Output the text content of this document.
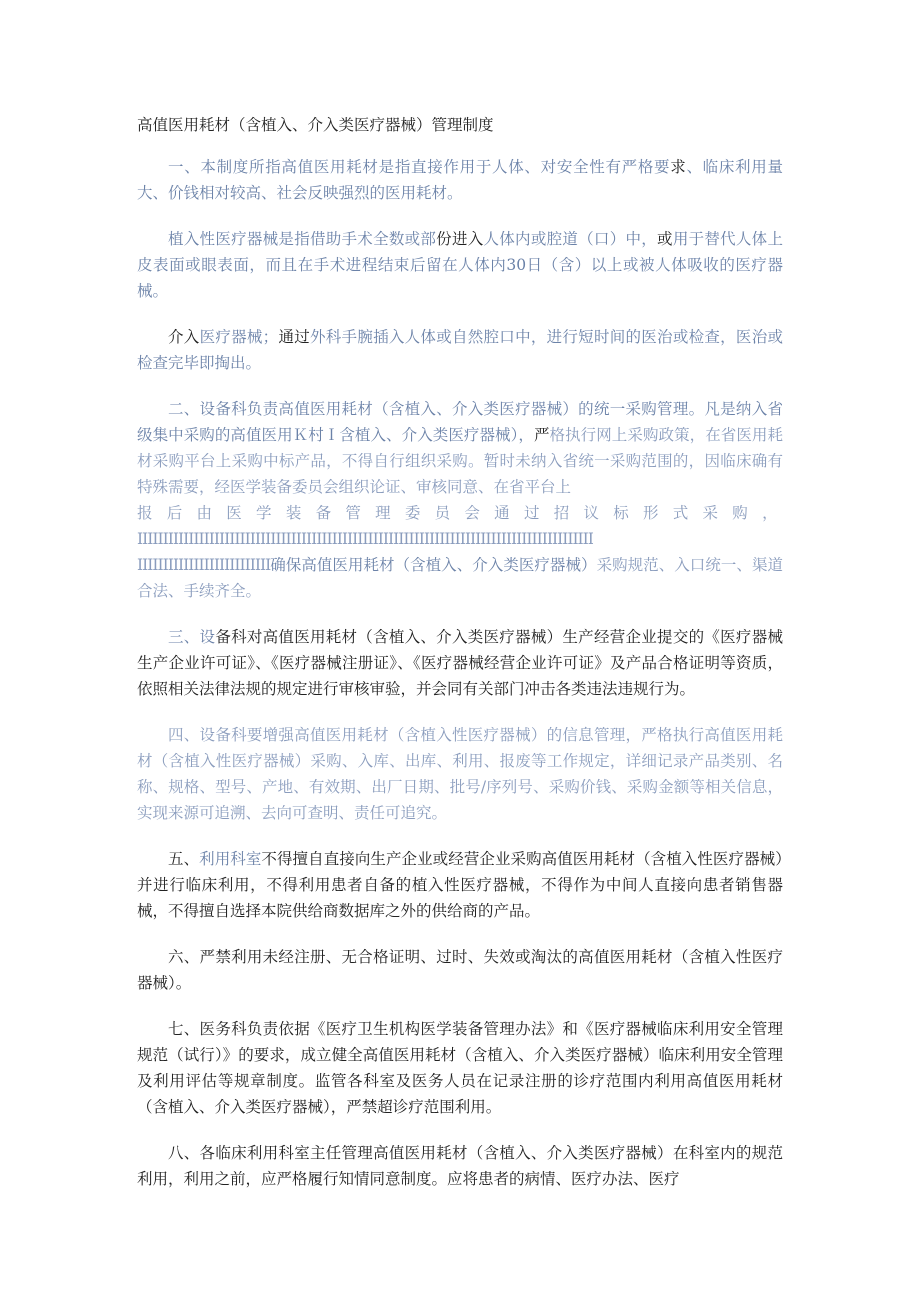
高值医用耗材（含植入、介入类医疗器械）管理制度
一、本制度所指高值医用耗材是指直接作用于人体、对安全性有严格要求、临床利用量大、价钱相对较高、社会反映强烈的医用耗材。
植入性医疗器械是指借助手术全数或部份进入人体内或腔道（口）中，或用于替代人体上皮表面或眼表面，而且在手术进程结束后留在人体内30日（含）以上或被人体吸收的医疗器械。
介入医疗器械；通过外科手腕插入人体或自然腔口中，进行短时间的医治或检查，医治或检查完毕即掏出。
二、设备科负责高值医用耗材（含植入、介入类医疗器械）的统一采购管理。凡是纳入省级集中采购的高值医用Ｋ村Ｉ含植入、介入类医疗器械），严格执行网上采购政策，在省医用耗材采购平台上采购中标产品，不得自行组织采购。暂时未纳入省统一采购范围的，因临床确有特殊需要，经医学装备委员会组织论证、审核同意、在省平台上
报后由医学装备管理委员会通过招议标形式采购，
IIIIIIIIIIIIIIIIIIIIIIIIIIIIIIIIIIIIIIIIIIIIIIIIIIIIIIIIIIIIIIIIIIIIIIIIIIIIIIIIIIIIIIIII
IIIIIIIIIIIIIIIIIIIIIIIIII确保高值医用耗材（含植入、介入类医疗器械）采购规范、入口统一、渠道合法、手续齐全。
三、设备科对高值医用耗材（含植入、介入类医疗器械）生产经营企业提交的《医疗器械生产企业许可证》、《医疗器械注册证》、《医疗器械经营企业许可证》及产品合格证明等资质，依照相关法律法规的规定进行审核审验，并会同有关部门冲击各类违法违规行为。
四、设备科要增强高值医用耗材（含植入性医疗器械）的信息管理，严格执行高值医用耗材（含植入性医疗器械）采购、入库、出库、利用、报废等工作规定，详细记录产品类别、名称、规格、型号、产地、有效期、出厂日期、批号/序列号、采购价钱、采购金额等相关信息，实现来源可追溯、去向可查明、责任可追究。
五、利用科室不得擅自直接向生产企业或经营企业采购高值医用耗材（含植入性医疗器械）并进行临床利用，不得利用患者自备的植入性医疗器械，不得作为中间人直接向患者销售器械，不得擅自选择本院供给商数据库之外的供给商的产品。
六、严禁利用未经注册、无合格证明、过时、失效或淘汰的高值医用耗材（含植入性医疗器械）。
七、医务科负责依据《医疗卫生机构医学装备管理办法》和《医疗器械临床利用安全管理规范（试行）》的要求，成立健全高值医用耗材（含植入、介入类医疗器械）临床利用安全管理及利用评估等规章制度。监管各科室及医务人员在记录注册的诊疗范围内利用高值医用耗材（含植入、介入类医疗器械），严禁超诊疗范围利用。
八、各临床利用科室主任管理高值医用耗材（含植入、介入类医疗器械）在科室内的规范利用，利用之前，应严格履行知情同意制度。应将患者的病情、医疗办法、医疗
